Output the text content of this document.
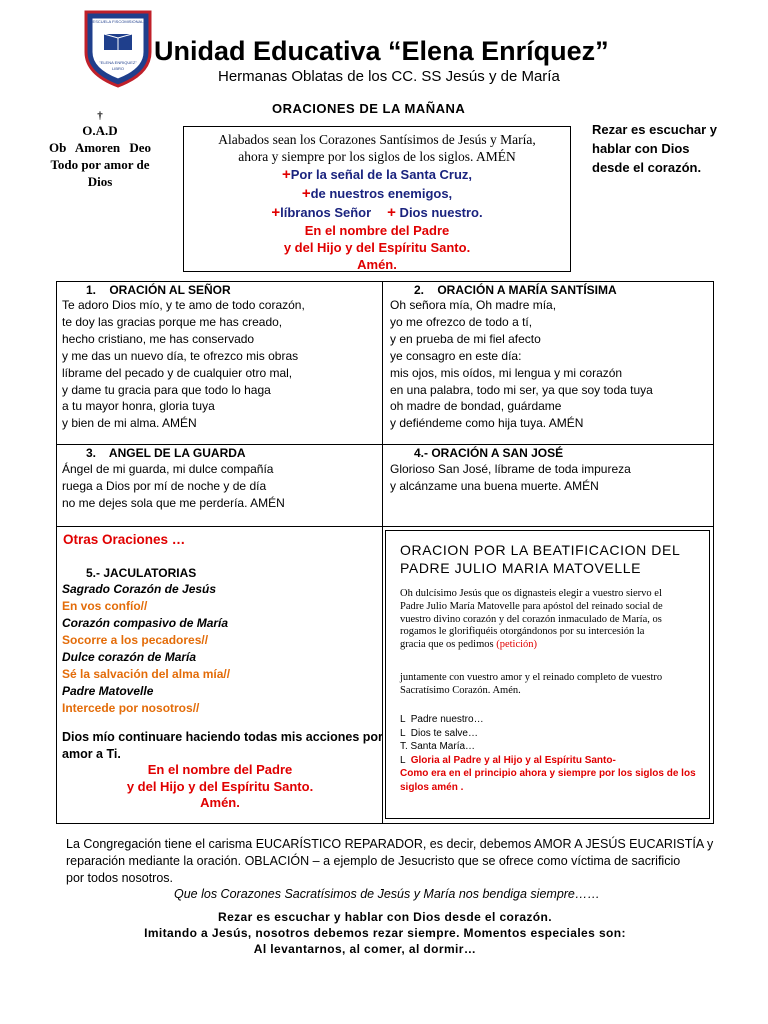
ESCUELA FISCOMISIONAL
"ELENA ENRIQUEZ"
LIBRO
Unidad Educativa “Elena Enríquez”
Hermanas Oblatas de los CC. SS Jesús y de María
†
O.A.D
Ob Amoren Deo
Todo por amor de
Dios
ORACIONES DE LA MAÑANA
Rezar es escuchar y
hablar con Dios
desde el corazón.
Alabados sean los Corazones Santísimos de Jesús y María,
ahora y siempre por los siglos de los siglos. AMÉN
+Por la señal de la Santa Cruz,
+de nuestros enemigos,
+líbranos Señor + Dios nuestro.
En el nombre del Padre
y del Hijo y del Espíritu Santo.
Amén.
1.    ORACIÓN AL SEÑOR
Te adoro Dios mío, y te amo de todo corazón,
te doy las gracias porque me has creado,
hecho cristiano, me has conservado
y me das un nuevo día, te ofrezco mis obras
líbrame del pecado y de cualquier otro mal,
y dame tu gracia para que todo lo haga
a tu mayor honra, gloria tuya
y bien de mi alma. AMÉN
2.    ORACIÓN A MARÍA SANTÍSIMA
Oh señora mía, Oh madre mía,
yo me ofrezco de todo a tí,
y en prueba de mi fiel afecto
ye consagro en este día:
mis ojos, mis oídos, mi lengua y mi corazón
en una palabra, todo mi ser, ya que soy toda tuya
oh madre de bondad, guárdame
y defiéndeme como hija tuya. AMÉN
3.    ANGEL DE LA GUARDA
Ángel de mi guarda, mi dulce compañía
ruega a Dios por mí de noche y de día
no me dejes sola que me perdería. AMÉN
4.- ORACIÓN A SAN JOSÉ
Glorioso San José, líbrame de toda impureza
y alcánzame una buena muerte. AMÉN
Otras Oraciones …
5.- JACULATORIAS
Sagrado Corazón de Jesús
En vos confío//
Corazón compasivo de María
Socorre a los pecadores//
Dulce corazón de María
Sé la salvación del alma mía//
Padre Matovelle
Intercede por nosotros//
Dios mío continuare haciendo todas mis acciones por
amor a Ti.
En el nombre del Padre
y del Hijo y del Espíritu Santo.
Amén.
ORACION POR LA BEATIFICACION DEL
PADRE JULIO MARIA MATOVELLE
Oh dulcísimo Jesús que os dignasteis elegir a vuestro siervo el
Padre Julio María Matovelle para apóstol del reinado social de
vuestro divino corazón y del corazón inmaculado de María, os
rogamos le glorifiquéis otorgándonos por su intercesión la
gracia que os pedimos (petición)
juntamente con vuestro amor y el reinado completo de vuestro
Sacratísimo Corazón. Amén.
L  Padre nuestro…
L  Dios te salve…
T. Santa María…
L  Gloria al Padre y al Hijo y al Espíritu Santo-
Como era en el principio ahora y siempre por los siglos de los
siglos amén .
La Congregación tiene el carisma EUCARÍSTICO REPARADOR, es decir, debemos AMOR A JESÚS EUCARISTÍA y
reparación mediante la oración. OBLACIÓN – a ejemplo de Jesucristo que se ofrece como víctima de sacrificio
por todos nosotros.
Que los Corazones Sacratísimos de Jesús y María nos bendiga siempre……
Rezar es escuchar y hablar con Dios desde el corazón.
Imitando a Jesús, nosotros debemos rezar siempre. Momentos especiales son:
Al levantarnos, al comer, al dormir…
